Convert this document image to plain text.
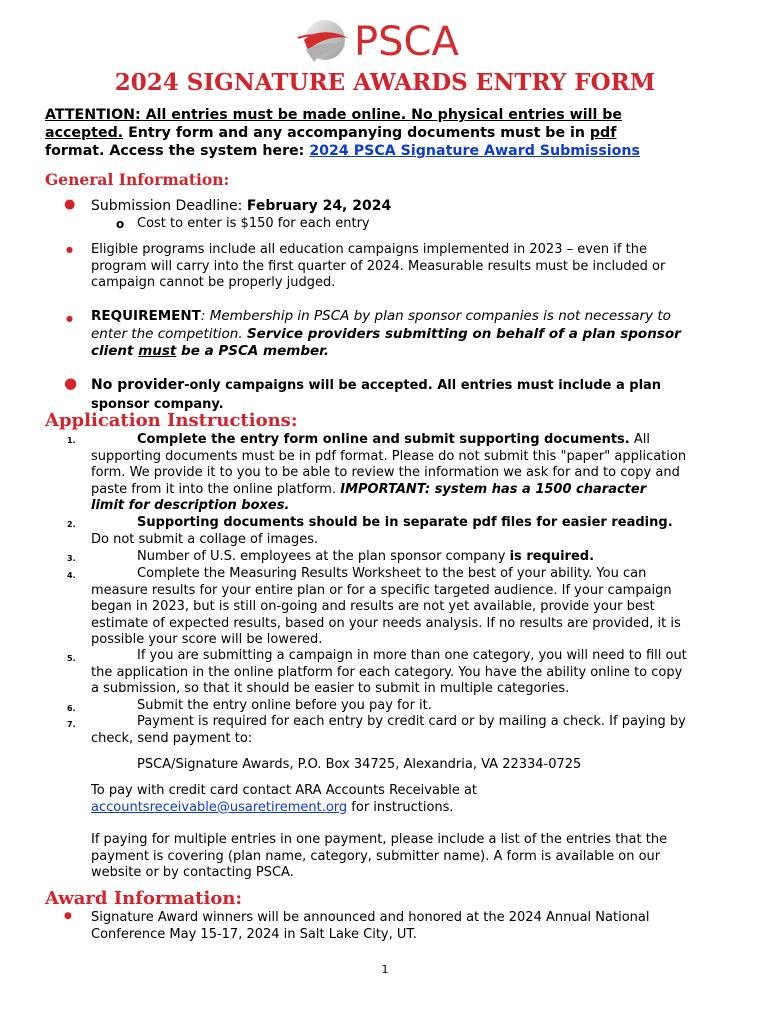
PSCA
2024 SIGNATURE AWARDS ENTRY FORM
ATTENTION: All entries must be made online. No physical entries will be
accepted. Entry form and any accompanying documents must be in pdf
format. Access the system here: 2024 PSCA Signature Award Submissions
General Information:
● Submission Deadline: February 24, 2024
o Cost to enter is $150 for each entry
● Eligible programs include all education campaigns implemented in 2023 – even if the
program will carry into the first quarter of 2024. Measurable results must be included or
campaign cannot be properly judged.
● REQUIREMENT: Membership in PSCA by plan sponsor companies is not necessary to
enter the competition. Service providers submitting on behalf of a plan sponsor
client must be a PSCA member.
● No provider-only campaigns will be accepted. All entries must include a plan
sponsor company.
Application Instructions:
1.	Complete the entry form online and submit supporting documents. All
supporting documents must be in pdf format. Please do not submit this "paper" application
form. We provide it to you to be able to review the information we ask for and to copy and
paste from it into the online platform. IMPORTANT: system has a 1500 character
limit for description boxes.
2.	Supporting documents should be in separate pdf files for easier reading.
Do not submit a collage of images.
3.	Number of U.S. employees at the plan sponsor company is required.
4.	Complete the Measuring Results Worksheet to the best of your ability. You can
measure results for your entire plan or for a specific targeted audience. If your campaign
began in 2023, but is still on-going and results are not yet available, provide your best
estimate of expected results, based on your needs analysis. If no results are provided, it is
possible your score will be lowered.
5.	If you are submitting a campaign in more than one category, you will need to fill out
the application in the online platform for each category. You have the ability online to copy
a submission, so that it should be easier to submit in multiple categories.
6.	Submit the entry online before you pay for it.
7.	Payment is required for each entry by credit card or by mailing a check. If paying by
check, send payment to:
PSCA/Signature Awards, P.O. Box 34725, Alexandria, VA 22334-0725
To pay with credit card contact ARA Accounts Receivable at
accountsreceivable@usaretirement.org for instructions.
If paying for multiple entries in one payment, please include a list of the entries that the
payment is covering (plan name, category, submitter name). A form is available on our
website or by contacting PSCA.
Award Information:
● Signature Award winners will be announced and honored at the 2024 Annual National
Conference May 15-17, 2024 in Salt Lake City, UT.
1
